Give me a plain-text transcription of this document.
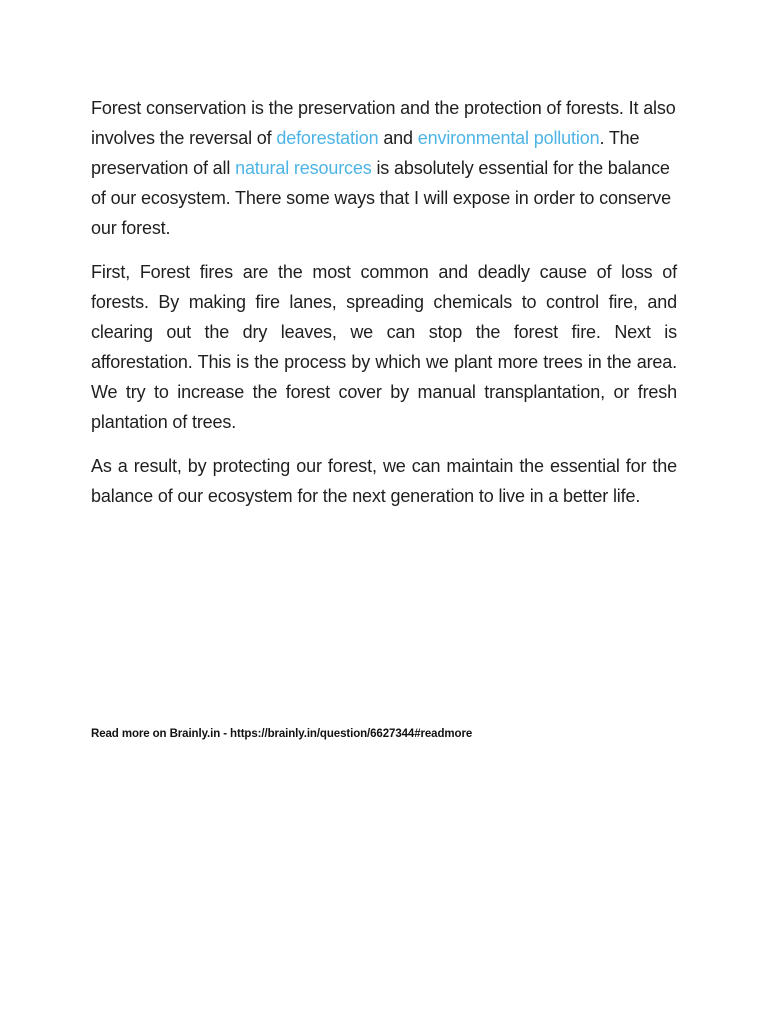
Forest conservation is the preservation and the protection of forests. It also involves the reversal of deforestation and environmental pollution. The preservation of all natural resources is absolutely essential for the balance of our ecosystem. There some ways that I will expose in order to conserve our forest.

First, Forest fires are the most common and deadly cause of loss of forests. By making fire lanes, spreading chemicals to control fire, and clearing out the dry leaves, we can stop the forest fire. Next is afforestation. This is the process by which we plant more trees in the area. We try to increase the forest cover by manual transplantation, or fresh plantation of trees.

As a result, by protecting our forest, we can maintain the essential for the balance of our ecosystem for the next generation to live in a better life.

Read more on Brainly.in - https://brainly.in/question/6627344#readmore
